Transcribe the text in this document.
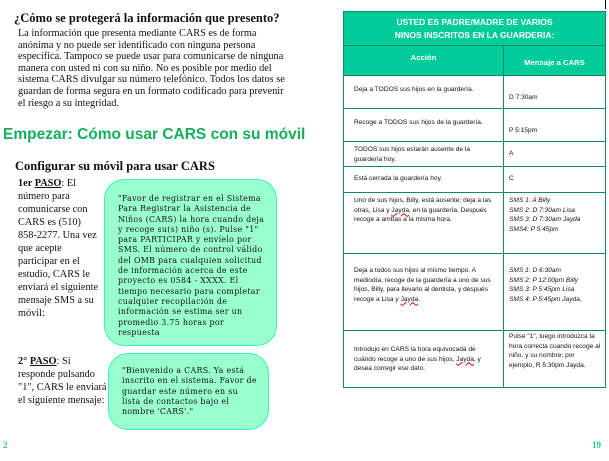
¿Cómo se protegerá la información que presento?
La información que presenta mediante CARS es de forma anónima y no puede ser identificado con ninguna persona específica. Tampoco se puede usar para comunicarse de ninguna manera con usted ni con su niño. No es posible por medio del sistema CARS divulgar su número telefónico. Todos los datos se guardan de forma segura en un formato codificado para prevenir el riesgo a su integridad.
Empezar: Cómo usar CARS con su móvil
Configurar su móvil para usar CARS
1er PASO: El número para comunicarse con CARS es (510) 858-2277. Una vez que acepte participar en el estudio, CARS le enviará el siguiente mensaje SMS a su móvil:
"Favor de registrar en el Sistema Para Registrar la Asistencia de Niños (CARS) la hora cuando deja y recoge su(s) niño (s). Pulse "1" para PARTICIPAR y envíelo por SMS. El número de control válido del OMB para cualquien solicitud de información acerca de este proyecto es 0584 - XXXX. El tiempo necesario para completar cualquier recopilación de información se estima ser un promedio 3.75 horas por respuesta
2° PASO: Si responde pulsando "1", CARS le enviará el siguiente mensaje:
"Bienvenido a CARS. Ya está inscrito en el sistema. Favor de guardar este número en su lista de contactos bajo el nombre 'CARS'."
2
USTED ES PADRE/MADRE DE VARIOS
NINOS INSCRITOS EN LA GUARDERIA:	
Acción	Mensaje a CARS
Deja a TODOS sus hijos en la guardería.	D 7:30am
Recoge a TODOS sus hijos de la guardería.	P 5:15pm
TODOS sus hijos estarán ausente de la guardería hoy.	A
Está cerrada la guardería hoy.	C
Uno de sus hijos, Billy, está ausente; deja a las otras, Lisa y Jayda, en la guardería. Después recoge a ambas a la misma hora.	SMS 1: A Billy
SMS 2: D 7:30am Lisa
SMS 3: D 7:30am Jayda
SMS4: P 5:45pm

Deja a todos sus hijos al mismo tiempo. A mediodía, recoge de la guardería a uno de sus hijos, Billy, para llevarlo al dentista, y después recoge a Lisa y Jayda.	SMS 1: D 6:30am
SMS 2: P 12:00pm Billy
SMS 3: P 5:45pm Lisa
SMS 4: P 5:45pm Jayda.

Introdujo en CARS la hora equivocada de cuándo recoge a uno de sus hijos, Jayda, y desea corregir ese dato.	Pulse "1", luego introduzca la hora correcta cuando recoge al niño, y su nombre; por ejemplo, R 5:30pm Jayda.
19
